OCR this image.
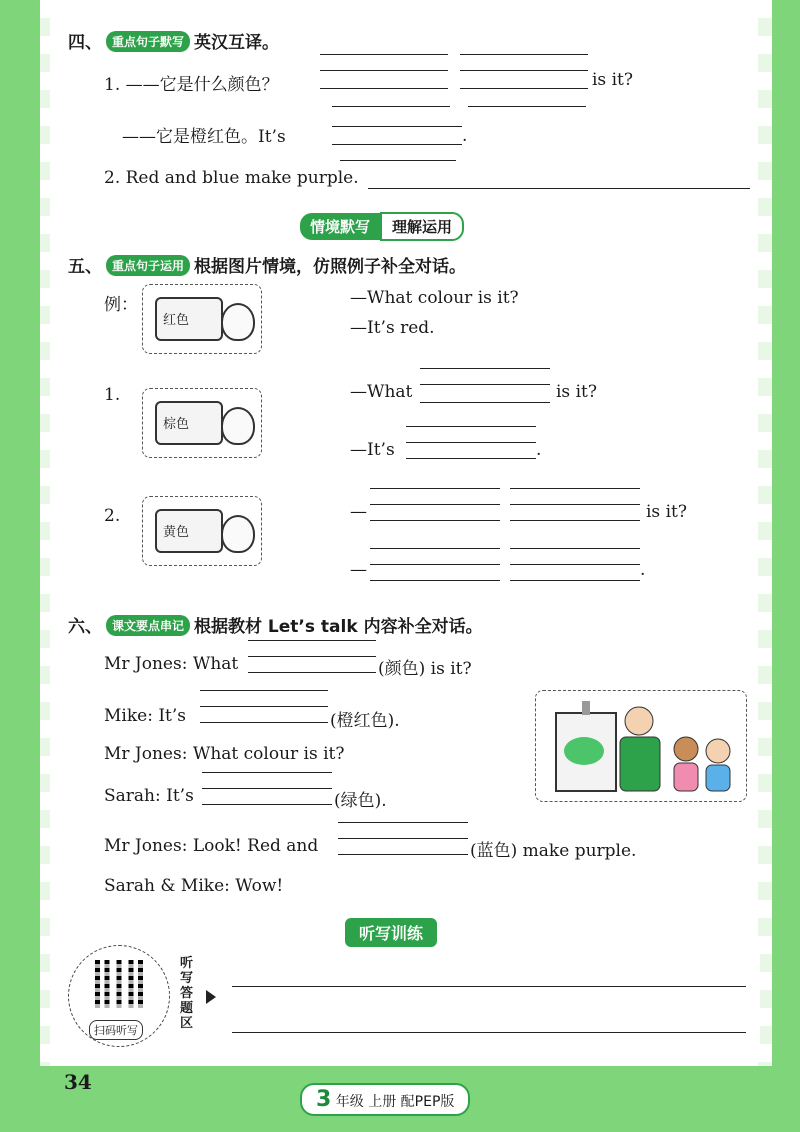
四、 重点句子默写 英汉互译。
1. ——它是什么颜色？	is it?
——它是橙红色。It’s	.
2. Red and blue make purple.
情境默写 理解运用
五、 重点句子运用 根据图片情境，仿照例子补全对话。
例：
红色
—What colour is it?
—It’s red.
1.
棕色
—What	is it?
—It’s	.
2.
黄色
—	is it?
—	.
六、 课文要点串记 根据教材 Let’s talk 内容补全对话。
Mr Jones: What	(颜色) is it?
Mike: It’s	(橙红色).
Mr Jones: What colour is it?
Sarah: It’s	(绿色).
Mr Jones: Look! Red and	(蓝色) make purple.
Sarah & Mike: Wow!
听写训练
扫码听写
听写答题区
34
3 年级 上册 配PEP版
